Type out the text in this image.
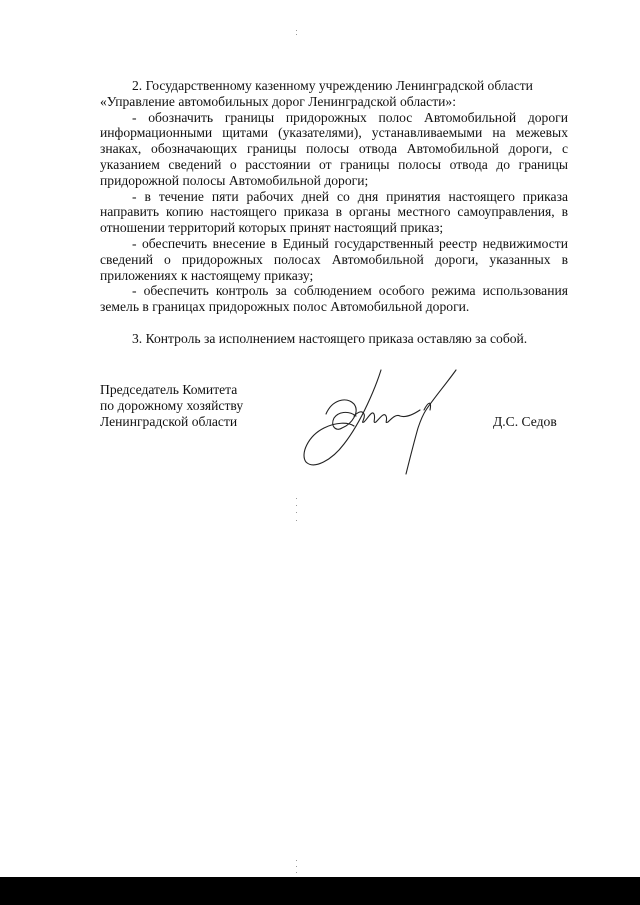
2. Государственному казенному учреждению Ленинградской области
«Управление автомобильных дорог Ленинградской области»:

- обозначить границы придорожных полос Автомобильной дороги информационными щитами (указателями), устанавливаемыми на межевых знаках, обозначающих границы полосы отвода Автомобильной дороги, с указанием сведений о расстоянии от границы полосы отвода до границы придорожной полосы Автомобильной дороги;

- в течение пяти рабочих дней со дня принятия настоящего приказа направить копию настоящего приказа в органы местного самоуправления, в отношении территорий которых принят настоящий приказ;

- обеспечить внесение в Единый государственный реестр недвижимости сведений о придорожных полосах Автомобильной дороги, указанных в приложениях к настоящему приказу;

- обеспечить контроль за соблюдением особого режима использования земель в границах придорожных полос Автомобильной дороги.

3. Контроль за исполнением настоящего приказа оставляю за собой.

Председатель Комитета
по дорожному хозяйству
Ленинградской области	Д.С. Седов
